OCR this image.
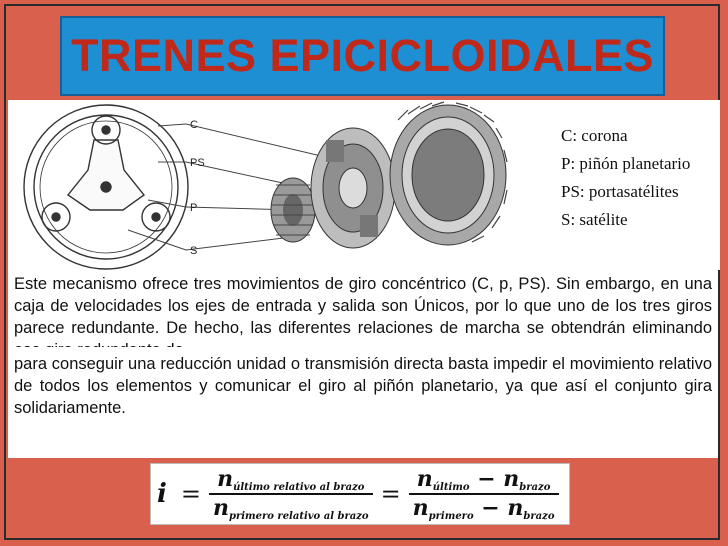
TRENES EPICICLOIDALES
C
PS
P
S
C: corona
P: piñón planetario
PS: portasatélites
S: satélite

Este mecanismo ofrece tres movimientos de giro concéntrico (C, p, PS). Sin embargo, en una caja de velocidades los ejes de entrada y salida son Únicos, por lo que uno de los tres giros parece redundante. De hecho, las diferentes relaciones de marcha se obtendrán eliminando

para conseguir una reducción unidad o transmisión directa basta impedir el movimiento relativo de todos los elementos y comunicar el giro al piñón planetario, ya que así el conjunto gira solidariamente.

$i = \frac{n_{último relativo al brazo}}{n_{primero relativo al brazo}} = \frac{n_{último} - n_{brazo}}{n_{primero} - n_{brazo}}$
